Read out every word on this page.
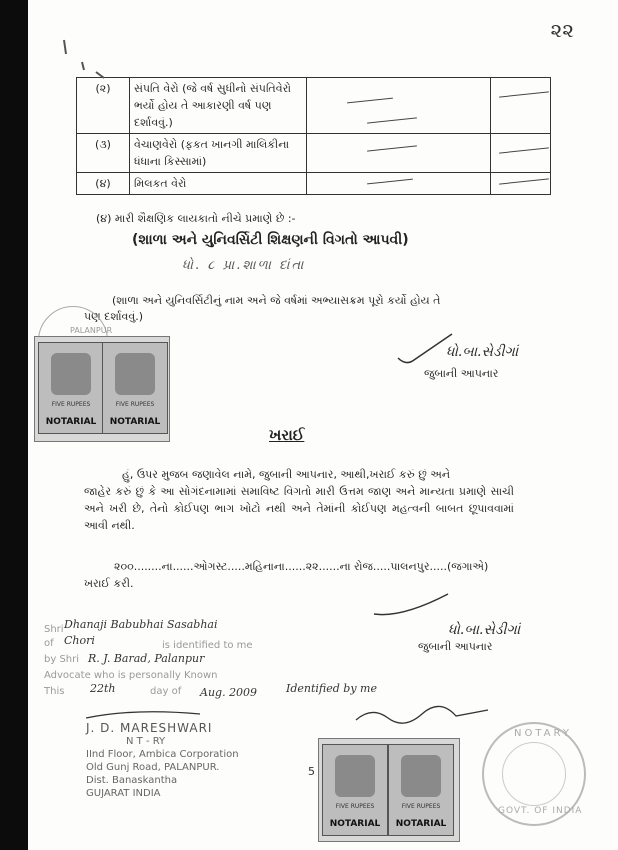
૨૨
(૨)	સંપતિ વેરો (જે વર્ષ સુધીનો સંપતિવેરો ભર્યો હોય તે આકારણી વર્ષ પણ દર્શાવવું.)	

(૩)	વેચાણવેરો (ફકત ખાનગી માલિકીના ધંધાના કિસ્સામાં)	

(૪)	મિલકત વેરો	

(૪) મારી શૈક્ષણિક લાયકાતો નીચે પ્રમાણે છે :-
(શાળા અને યુનિવર્સિટી શિક્ષણની વિગતો આપવી)
ધો. ૮ પ્રા.શાળા દાંતા
(શાળા અને યુનિવર્સિટીનું નામ અને જે વર્ષમાં અભ્યાસક્રમ પૂરો કર્યો હોય તે
પણ દર્શાવવું.)
FIVE RUPEES
NOTARIAL
FIVE RUPEES
NOTARIAL
PALANPUR
ધો.બા.સેડીગાં
જુબાની આપનાર
ખરાઈ
હું, ઉપર મુજબ જણાવેલ નામે, જુબાની આપનાર, આથી,ખરાઈ કરું છું અને
જાહેર કરું છું કે આ સોગંદનામામાં સમાવિષ્ટ વિગતો મારી ઉત્તમ જાણ અને માન્યતા પ્રમાણે સાચી અને ખરી છે, તેનો કોઈપણ ભાગ ખોટો નથી અને તેમાંની કોઈપણ મહત્વની બાબત છૂપાવવામાં આવી નથી.
૨૦૦........ના......ઓગસ્ટ.....મહિનાના......૨૨......ના રોજ.....પાલનપુર.....(જગાએ)
ખરાઈ કરી.
ધો.બા.સેડીગાં
જુબાની આપનાર
Shri
of	is identified to me
by Shri
Advocate who is personally Known
This	day of
Dhanaji Babubhai Sasabhai
Chori
R. J. Barad, Palanpur
22th	Aug. 2009	Identified by me
J. D. MARESHWARI
N T - RY
IInd Floor, Ambica Corporation
Old Gunj Road, PALANPUR.
Dist. Banaskantha
GUJARAT INDIA
FIVE RUPEES
NOTARIAL
FIVE RUPEES
NOTARIAL
5
NOTARY
GOVT. OF INDIA
